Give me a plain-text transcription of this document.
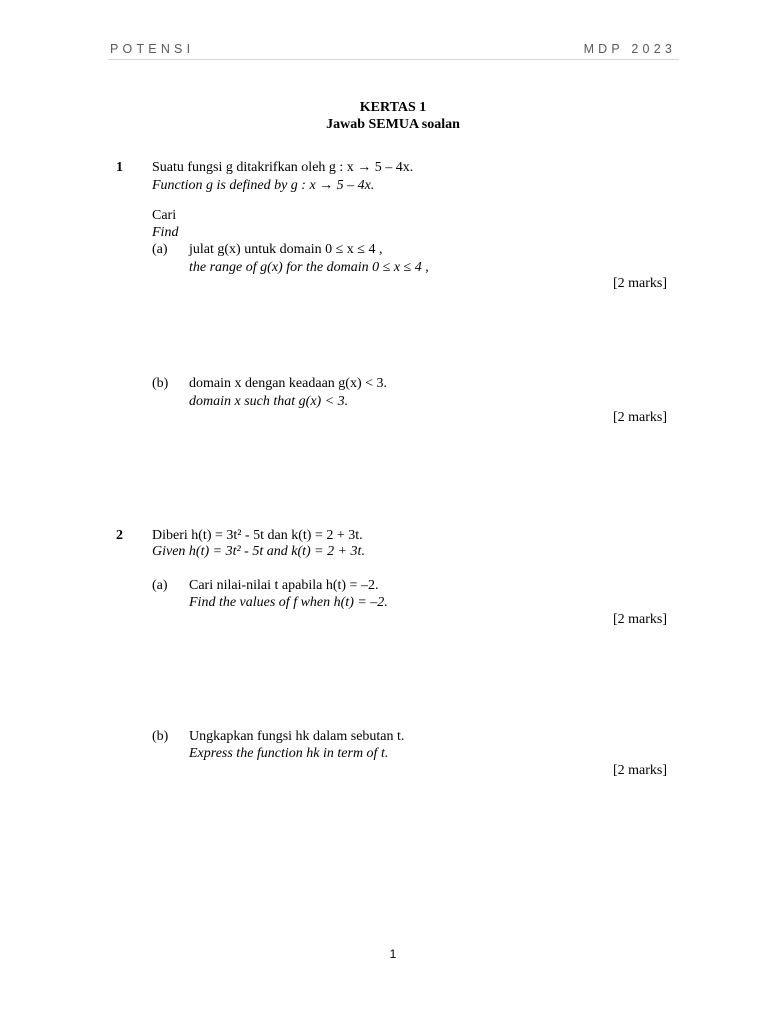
POTENSI	MDP 2023
KERTAS 1
Jawab SEMUA soalan
1 Suatu fungsi g ditakrifkan oleh g : x → 5 – 4x.
Function g is defined by g : x → 5 – 4x.
Cari
Find
(a) julat g(x) untuk domain 0 ≤ x ≤ 4 ,
the range of g(x) for the domain 0 ≤ x ≤ 4 ,
[2 marks]
(b) domain x dengan keadaan g(x) < 3.
domain x such that g(x) < 3.
[2 marks]
2 Diberi h(t) = 3t² - 5t dan k(t) = 2 + 3t.
Given h(t) = 3t² - 5t and k(t) = 2 + 3t.
(a) Cari nilai-nilai t apabila h(t) = –2.
Find the values of f when h(t) = –2.
[2 marks]
(b) Ungkapkan fungsi hk dalam sebutan t.
Express the function hk in term of t.
[2 marks]
1
